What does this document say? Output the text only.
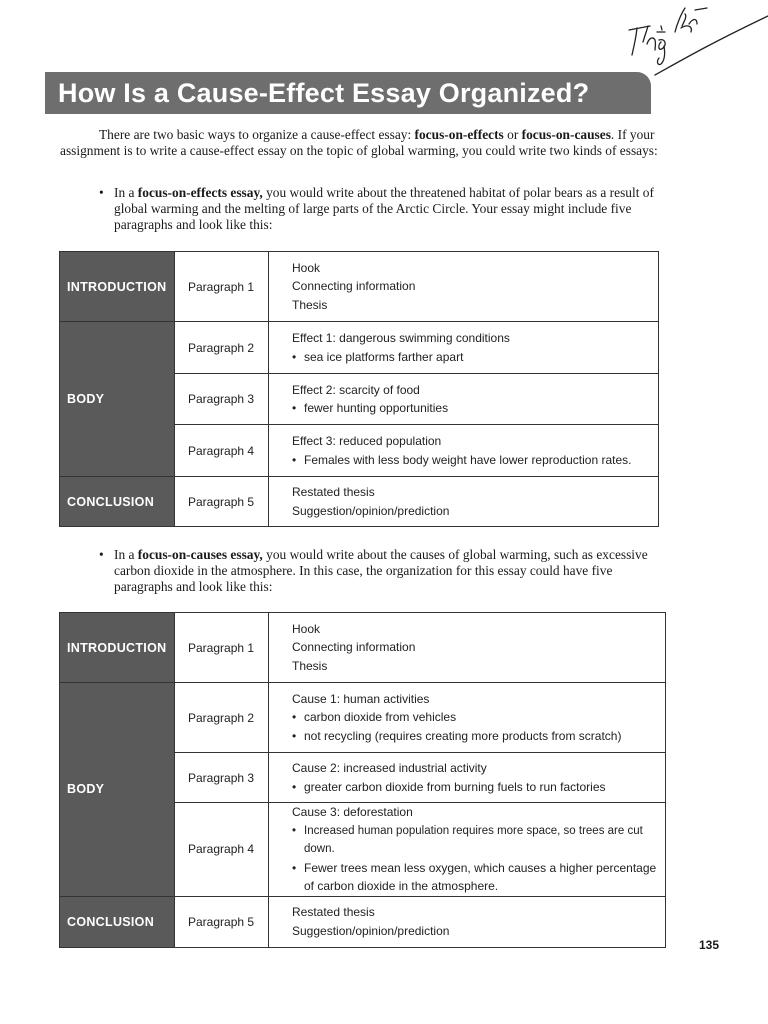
How Is a Cause-Effect Essay Organized?

There are two basic ways to organize a cause-effect essay: focus-on-effects or focus-on-causes. If your assignment is to write a cause-effect essay on the topic of global warming, you could write two kinds of essays:

• In a focus-on-effects essay, you would write about the threatened habitat of polar bears as a result of global warming and the melting of large parts of the Arctic Circle. Your essay might include five paragraphs and look like this:

INTRODUCTION	Paragraph 1	Hook
Connecting information
Thesis

BODY	Paragraph 2	Effect 1: dangerous swimming conditions
• sea ice platforms farther apart

	Paragraph 3	Effect 2: scarcity of food
• fewer hunting opportunities

	Paragraph 4	Effect 3: reduced population
• Females with less body weight have lower reproduction rates.

CONCLUSION	Paragraph 5	Restated thesis
Suggestion/opinion/prediction

• In a focus-on-causes essay, you would write about the causes of global warming, such as excessive carbon dioxide in the atmosphere. In this case, the organization for this essay could have five paragraphs and look like this:

INTRODUCTION	Paragraph 1	Hook
Connecting information
Thesis

BODY	Paragraph 2	Cause 1: human activities
• carbon dioxide from vehicles
• not recycling (requires creating more products from scratch)

	Paragraph 3	Cause 2: increased industrial activity
• greater carbon dioxide from burning fuels to run factories

	Paragraph 4	Cause 3: deforestation
• Increased human population requires more space, so trees are cut down.
• Fewer trees mean less oxygen, which causes a higher percentage of carbon dioxide in the atmosphere.

CONCLUSION	Paragraph 5	Restated thesis
Suggestion/opinion/prediction
135
